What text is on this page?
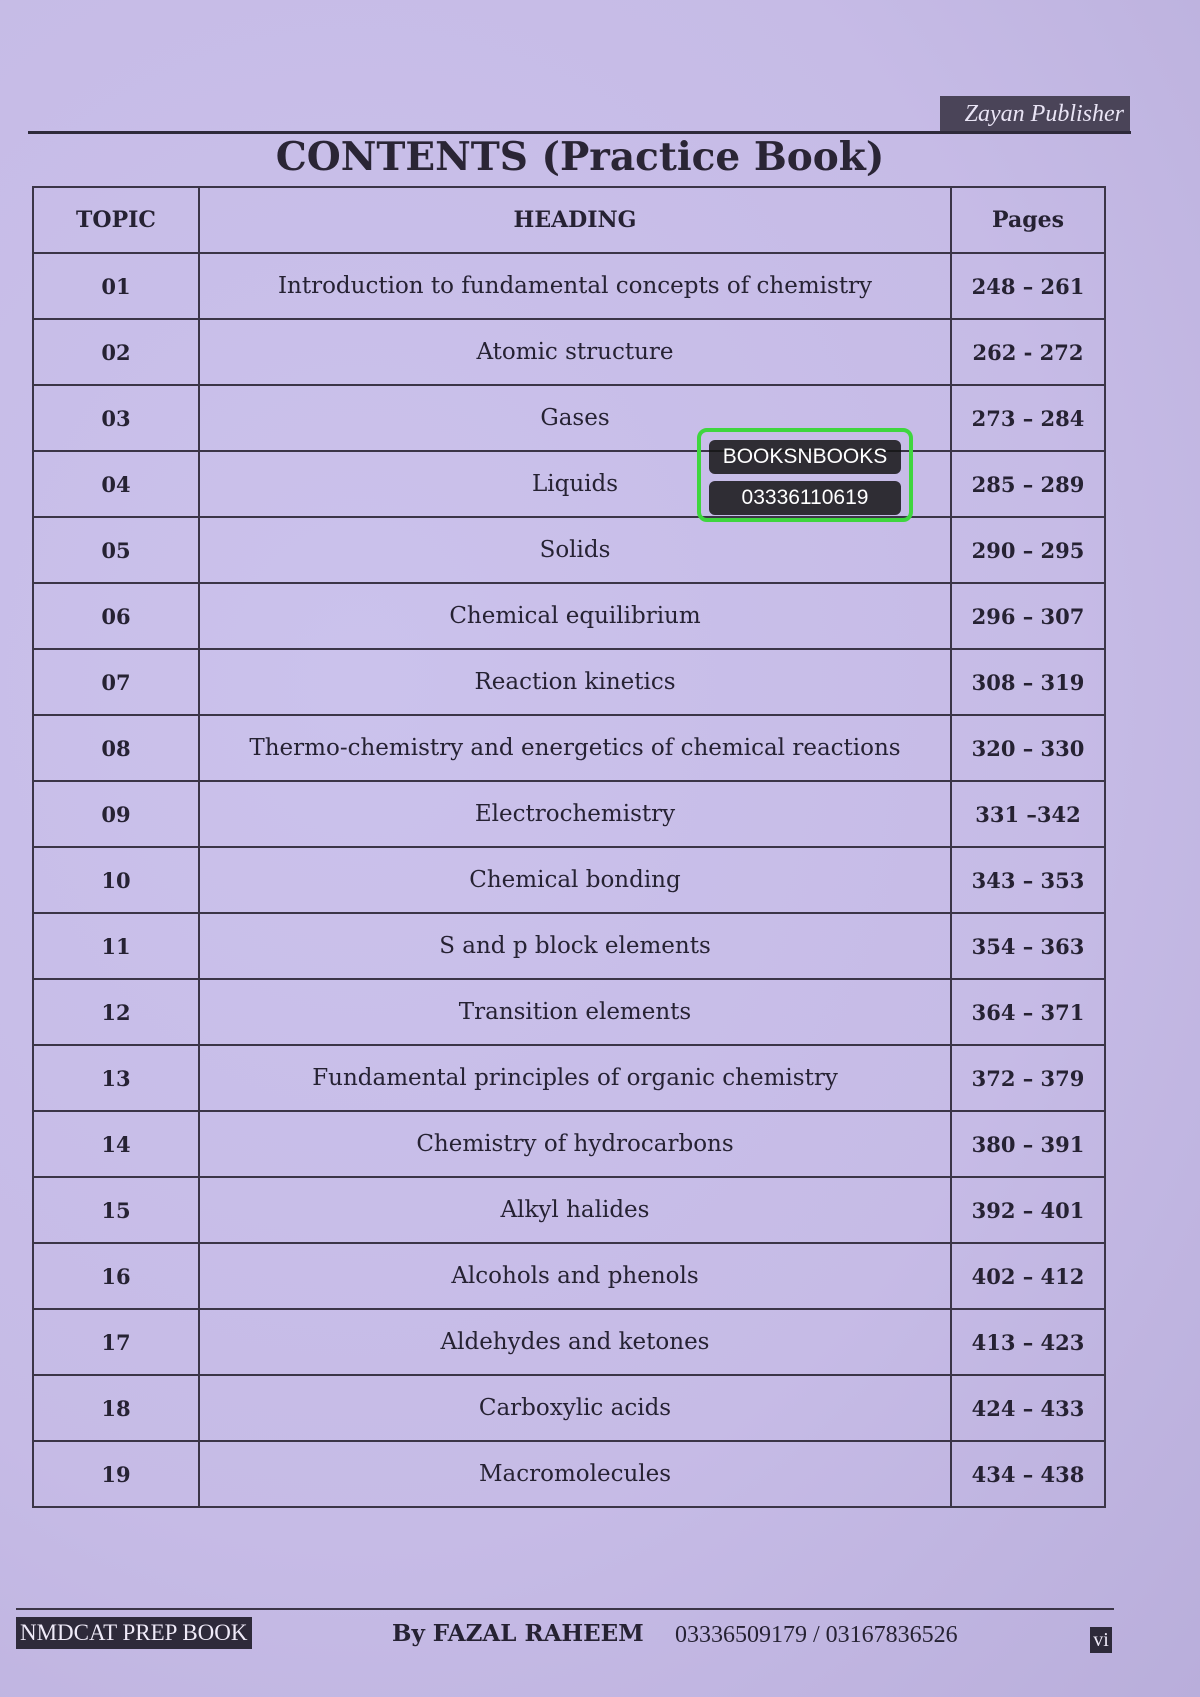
Zayan Publisher
CONTENTS (Practice Book)
TOPIC	HEADING	Pages
01	Introduction to fundamental concepts of chemistry	248 – 261
02	Atomic structure	262 - 272
03	Gases	273 – 284
04	Liquids	285 – 289
05	Solids	290 – 295
06	Chemical equilibrium	296 – 307
07	Reaction kinetics	308 – 319
08	Thermo-chemistry and energetics of chemical reactions	320 – 330
09	Electrochemistry	331 –342
10	Chemical bonding	343 – 353
11	S and p block elements	354 – 363
12	Transition elements	364 – 371
13	Fundamental principles of organic chemistry	372 – 379
14	Chemistry of hydrocarbons	380 – 391
15	Alkyl halides	392 – 401
16	Alcohols and phenols	402 – 412
17	Aldehydes and ketones	413 – 423
18	Carboxylic acids	424 – 433
19	Macromolecules	434 – 438
BOOKSNBOOKS
03336110619
NMDCAT PREP BOOK	By FAZAL RAHEEM 03336509179 / 03167836526	vi
